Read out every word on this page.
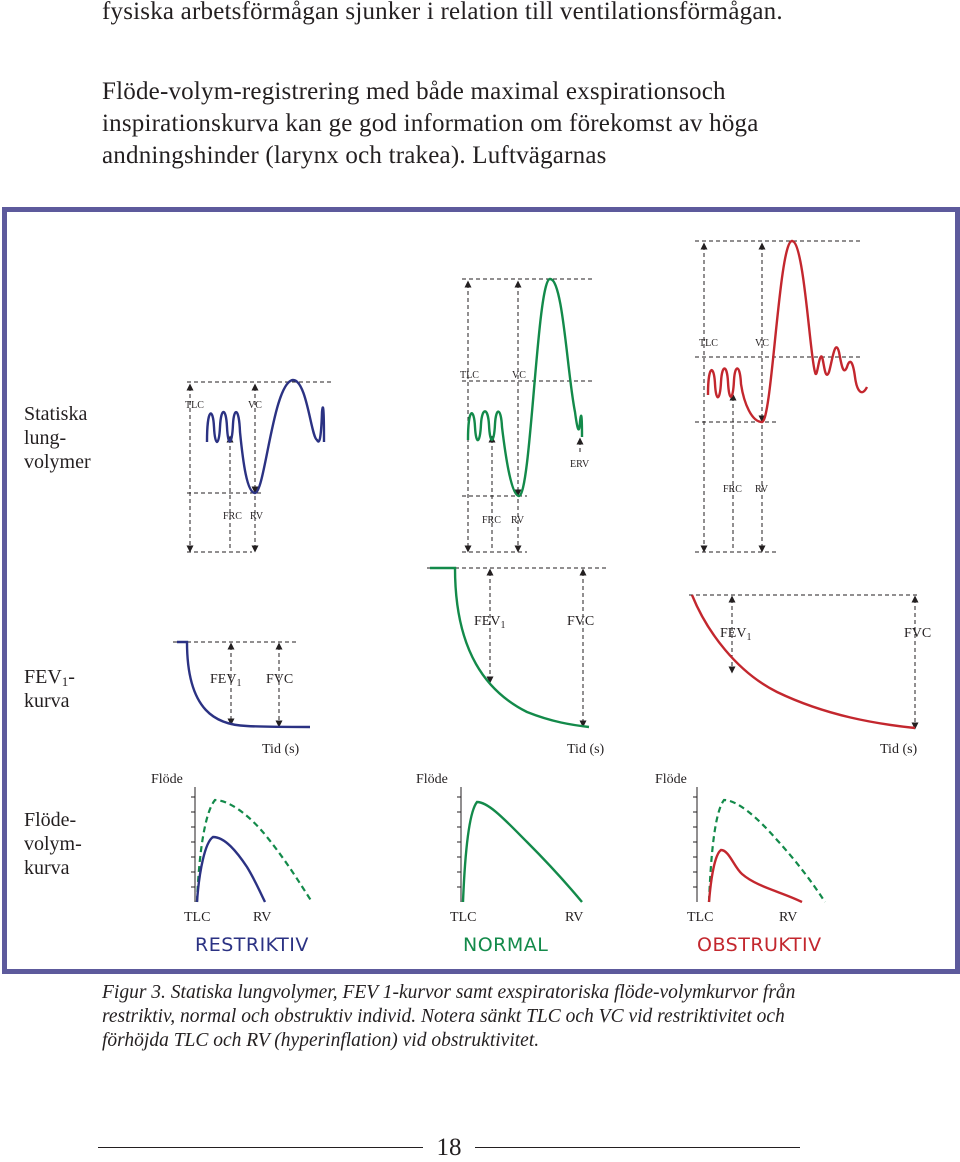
fysiska arbetsförmågan sjunker i relation till ventilationsförmågan.

Flöde-volym-registrering med både maximal exspirationsoch inspirationskurva kan ge god information om förekomst av höga andningshinder (larynx och trakea). Luftvägarnas

Statiska
lung-
volymer
FEV1-
kurva
Flöde-
volym-
kurva
TLC	VC
FRC RV
TLC	VC
ERV
FRC RV
TLC	VC
FRC RV
$FEV_1$ FVC
Tid (s)
$FEV_1$	FVC
Tid (s)
$FEV_1$	FVC
Tid (s)
Flöde
TLC	RV
RESTRIKTIV
Flöde
TLC	RV
NORMAL
Flöde
TLC	RV
OBSTRUKTIV

Figur 3. Statiska lungvolymer, FEV 1-kurvor samt exspiratoriska flöde-volymkurvor från restriktiv, normal och obstruktiv individ. Notera sänkt TLC och VC vid restriktivitet och förhöjda TLC och RV (hyperinflation) vid obstruktivitet.

18
